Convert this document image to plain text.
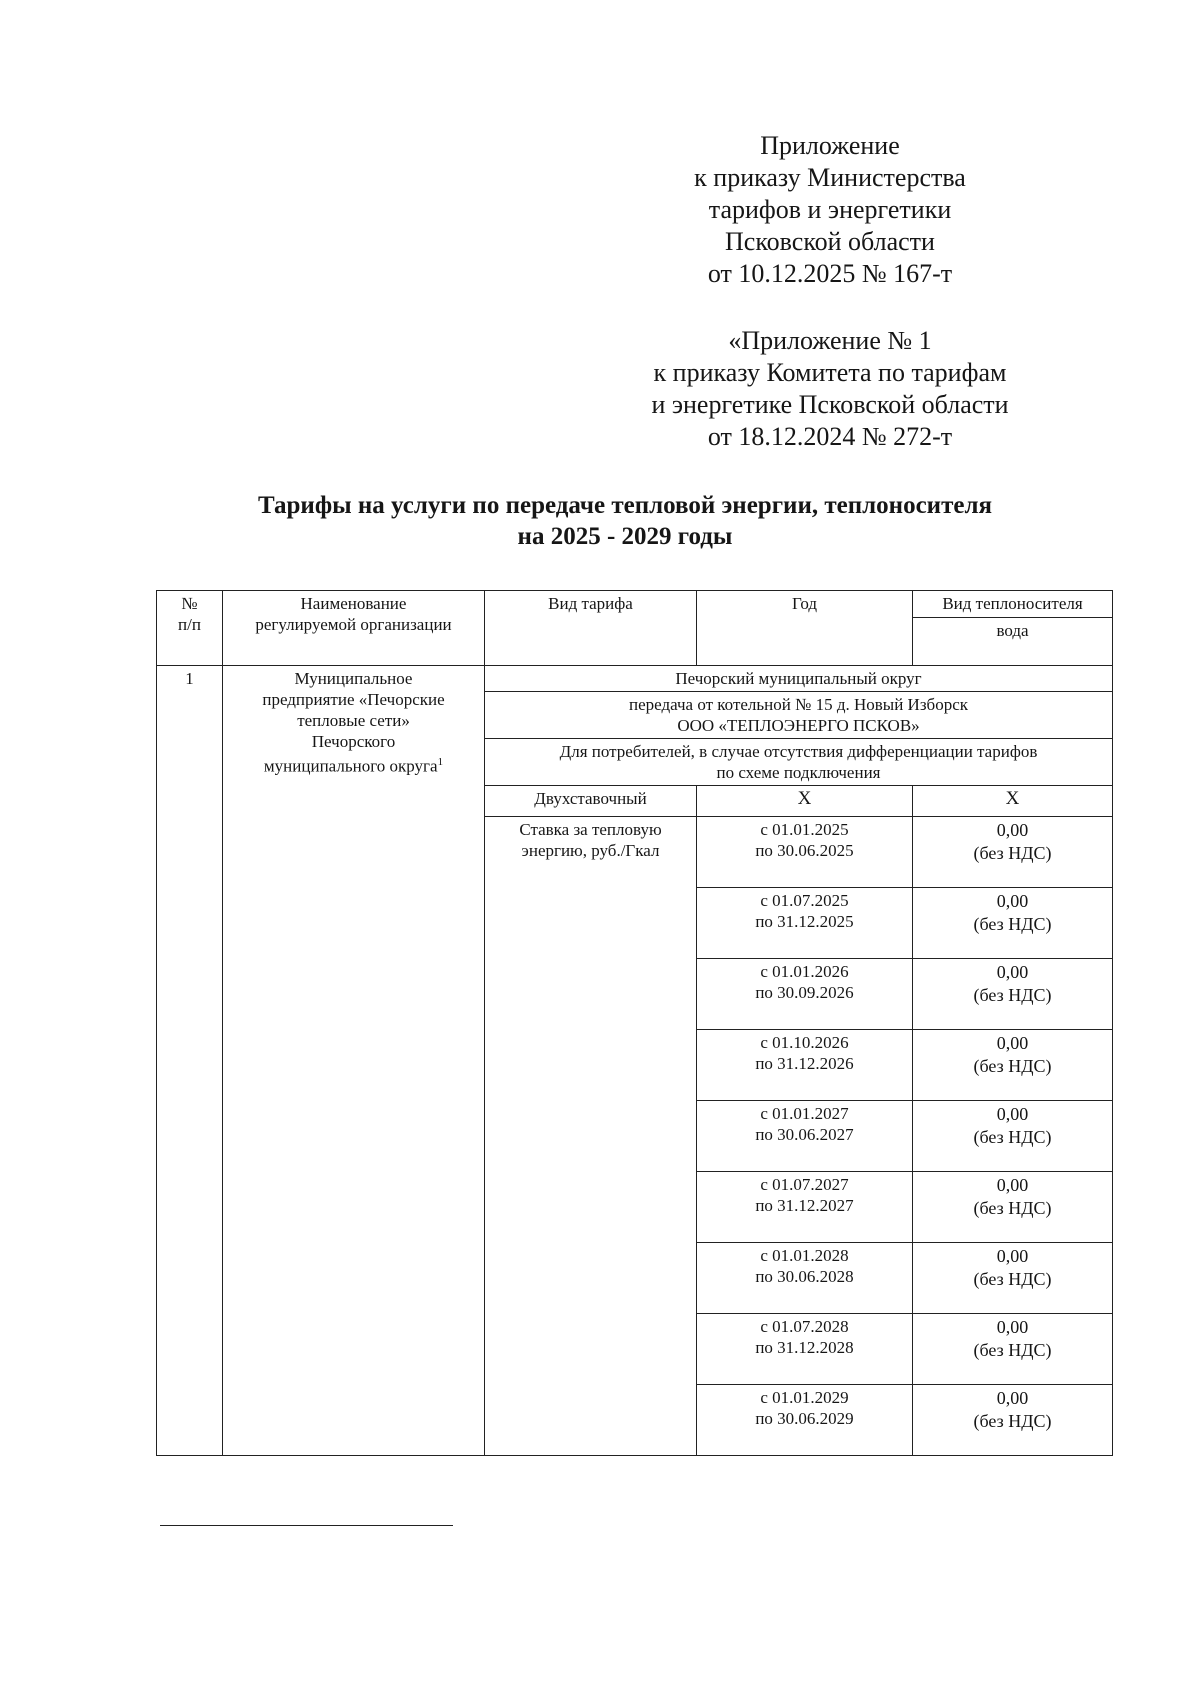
Приложение
к приказу Министерства
тарифов и энергетики
Псковской области
от 10.12.2025 № 167-т
«Приложение № 1
к приказу Комитета по тарифам
и энергетике Псковской области
от 18.12.2024 № 272-т
Тарифы на услуги по передаче тепловой энергии, теплоносителя
на 2025 - 2029 годы
№
п/п	Наименование
регулируемой организации	Вид тарифа	Год	Вид теплоносителя
				вода
1	Муниципальное
предприятие «Печорские
тепловые сети»
Печорского
муниципального округа$^1$	Печорский муниципальный округ		
		передача от котельной № 15 д. Новый Изборск
ООО «ТЕПЛОЭНЕРГО ПСКОВ»		
		Для потребителей, в случае отсутствия дифференциации тарифов
по схеме подключения		
		Двухставочный	X	X
		Ставка за тепловую
энергию, руб./Гкал	с 01.01.2025
по 30.06.2025	0,00
(без НДС)

			с 01.07.2025
по 31.12.2025	0,00
(без НДС)

			с 01.01.2026
по 30.09.2026	0,00
(без НДС)

			с 01.10.2026
по 31.12.2026	0,00
(без НДС)

			с 01.01.2027
по 30.06.2027	0,00
(без НДС)

			с 01.07.2027
по 31.12.2027	0,00
(без НДС)

			с 01.01.2028
по 30.06.2028	0,00
(без НДС)

			с 01.07.2028
по 31.12.2028	0,00
(без НДС)

			с 01.01.2029
по 30.06.2029	0,00
(без НДС)
